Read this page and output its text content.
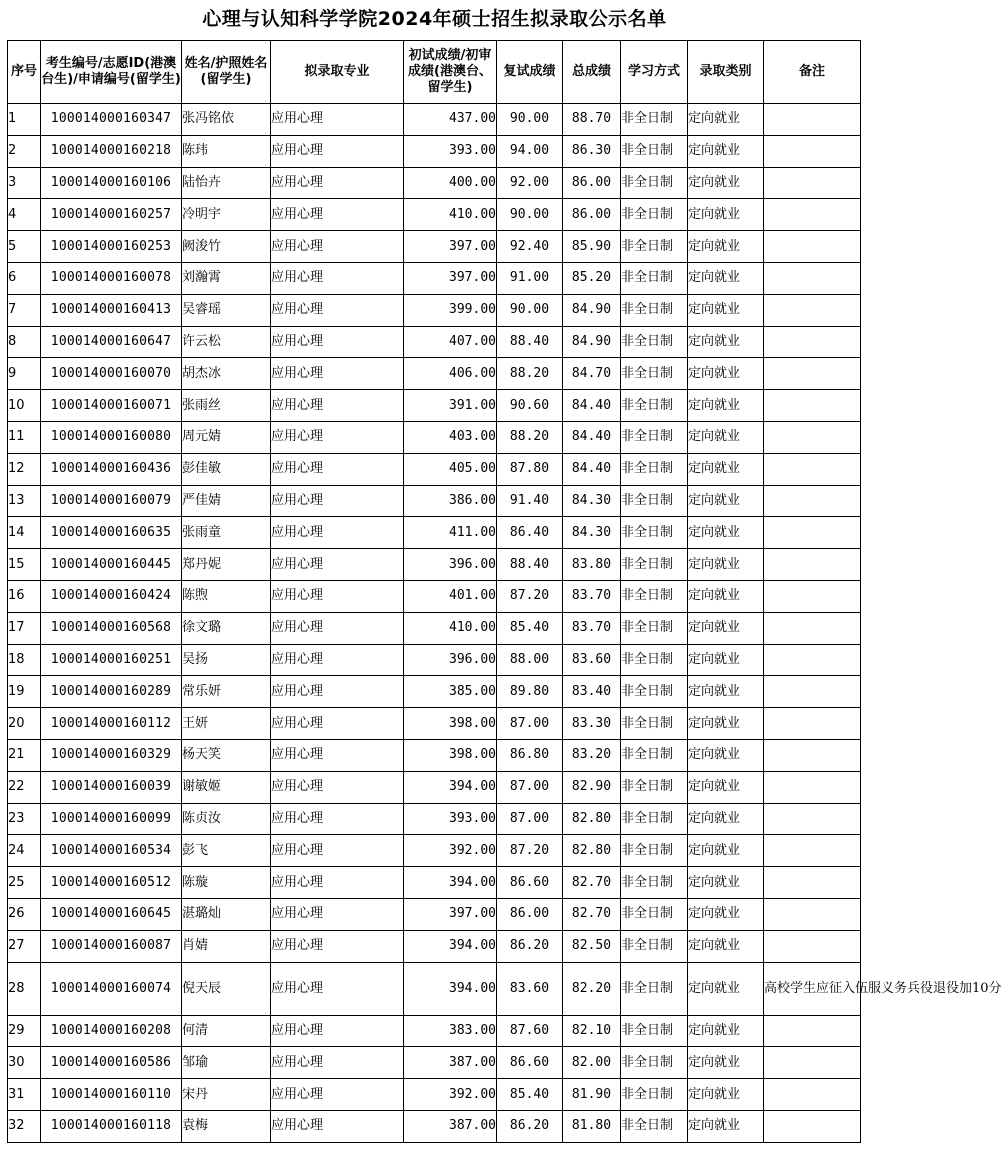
心理与认知科学学院2024年硕士招生拟录取公示名单
序号	考生编号/志愿ID(港澳台生)/申请编号(留学生)	姓名/护照姓名(留学生)	拟录取专业	初试成绩/初审成绩(港澳台、留学生)	复试成绩	总成绩	学习方式	录取类别	备注
1	100014000160347	张冯铭依	应用心理	437.00	90.00	88.70	非全日制	定向就业	
2	100014000160218	陈玮	应用心理	393.00	94.00	86.30	非全日制	定向就业	
3	100014000160106	陆怡卉	应用心理	400.00	92.00	86.00	非全日制	定向就业	
4	100014000160257	冷明宇	应用心理	410.00	90.00	86.00	非全日制	定向就业	
5	100014000160253	阙浚竹	应用心理	397.00	92.40	85.90	非全日制	定向就业	
6	100014000160078	刘瀚霄	应用心理	397.00	91.00	85.20	非全日制	定向就业	
7	100014000160413	吴睿瑶	应用心理	399.00	90.00	84.90	非全日制	定向就业	
8	100014000160647	许云松	应用心理	407.00	88.40	84.90	非全日制	定向就业	
9	100014000160070	胡杰冰	应用心理	406.00	88.20	84.70	非全日制	定向就业	
10	100014000160071	张雨丝	应用心理	391.00	90.60	84.40	非全日制	定向就业	
11	100014000160080	周元婧	应用心理	403.00	88.20	84.40	非全日制	定向就业	
12	100014000160436	彭佳敏	应用心理	405.00	87.80	84.40	非全日制	定向就业	
13	100014000160079	严佳婧	应用心理	386.00	91.40	84.30	非全日制	定向就业	
14	100014000160635	张雨童	应用心理	411.00	86.40	84.30	非全日制	定向就业	
15	100014000160445	郑丹妮	应用心理	396.00	88.40	83.80	非全日制	定向就业	
16	100014000160424	陈煦	应用心理	401.00	87.20	83.70	非全日制	定向就业	
17	100014000160568	徐文璐	应用心理	410.00	85.40	83.70	非全日制	定向就业	
18	100014000160251	吴扬	应用心理	396.00	88.00	83.60	非全日制	定向就业	
19	100014000160289	常乐妍	应用心理	385.00	89.80	83.40	非全日制	定向就业	
20	100014000160112	王妍	应用心理	398.00	87.00	83.30	非全日制	定向就业	
21	100014000160329	杨天笑	应用心理	398.00	86.80	83.20	非全日制	定向就业	
22	100014000160039	谢敏姬	应用心理	394.00	87.00	82.90	非全日制	定向就业	
23	100014000160099	陈贞汝	应用心理	393.00	87.00	82.80	非全日制	定向就业	
24	100014000160534	彭飞	应用心理	392.00	87.20	82.80	非全日制	定向就业	
25	100014000160512	陈璇	应用心理	394.00	86.60	82.70	非全日制	定向就业	
26	100014000160645	湛璐灿	应用心理	397.00	86.00	82.70	非全日制	定向就业	
27	100014000160087	肖婧	应用心理	394.00	86.20	82.50	非全日制	定向就业	
28	100014000160074	倪天辰	应用心理	394.00	83.60	82.20	非全日制	定向就业	高校学生应征入伍服义务兵役退役加10分
29	100014000160208	何清	应用心理	383.00	87.60	82.10	非全日制	定向就业	
30	100014000160586	邹瑜	应用心理	387.00	86.60	82.00	非全日制	定向就业	
31	100014000160110	宋丹	应用心理	392.00	85.40	81.90	非全日制	定向就业	
32	100014000160118	袁梅	应用心理	387.00	86.20	81.80	非全日制	定向就业	
